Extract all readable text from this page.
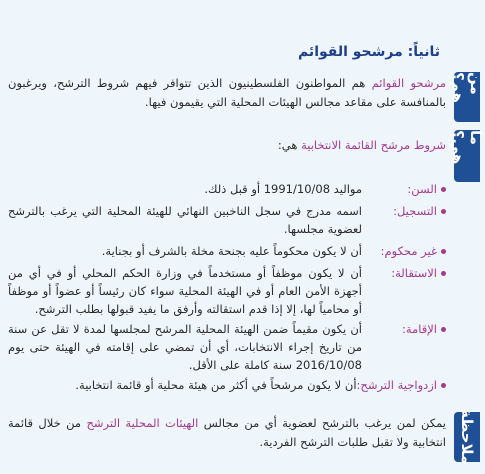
ثانياً: مرشحو القوائم
من هم؟

مرشحو القوائم هم المواطنون الفلسطينيون الذين تتوافر فيهم شروط الترشح، ويرغبون بالمنافسة على مقاعد مجالس الهيئات المحلية التي يقيمون فيها.

ما هي؟

شروط مرشح القائمة الانتخابية هي:

السن:
مواليد 1991/10/08 أو قبل ذلك.
التسجيل:
اسمه مدرج في سجل الناخبين النهائي للهيئة المحلية التي يرغب بالترشح لعضوية مجلسها.
غير محكوم:
أن لا يكون محكوماً عليه بجنحة مخلة بالشرف أو بجناية.
الاستقالة:
أن لا يكون موظفاً أو مستخدماً في وزارة الحكم المحلي أو في أي من أجهزة الأمن العام أو في الهيئة المحلية سواء كان رئيساً أو عضواً أو موظفاً أو محامياً لها، إلا إذا قدم استقالته وأرفق ما يفيد قبولها بطلب الترشح.
الإقامة:
أن يكون مقيماً ضمن الهيئة المحلية المرشح لمجلسها لمدة لا تقل عن سنة من تاريخ إجراء الانتخابات، أي أن تمضي على إقامته في الهيئة حتى يوم 2016/10/08 سنة كاملة على الأقل.
ازدواجية الترشح:
أن لا يكون مرشحاً في أكثر من هيئة محلية أو قائمة انتخابية.
ملاحظة

يمكن لمن يرغب بالترشح لعضوية أي من مجالس الهيئات المحلية الترشح من خلال قائمة انتخابية ولا تقبل طلبات الترشح الفردية.
